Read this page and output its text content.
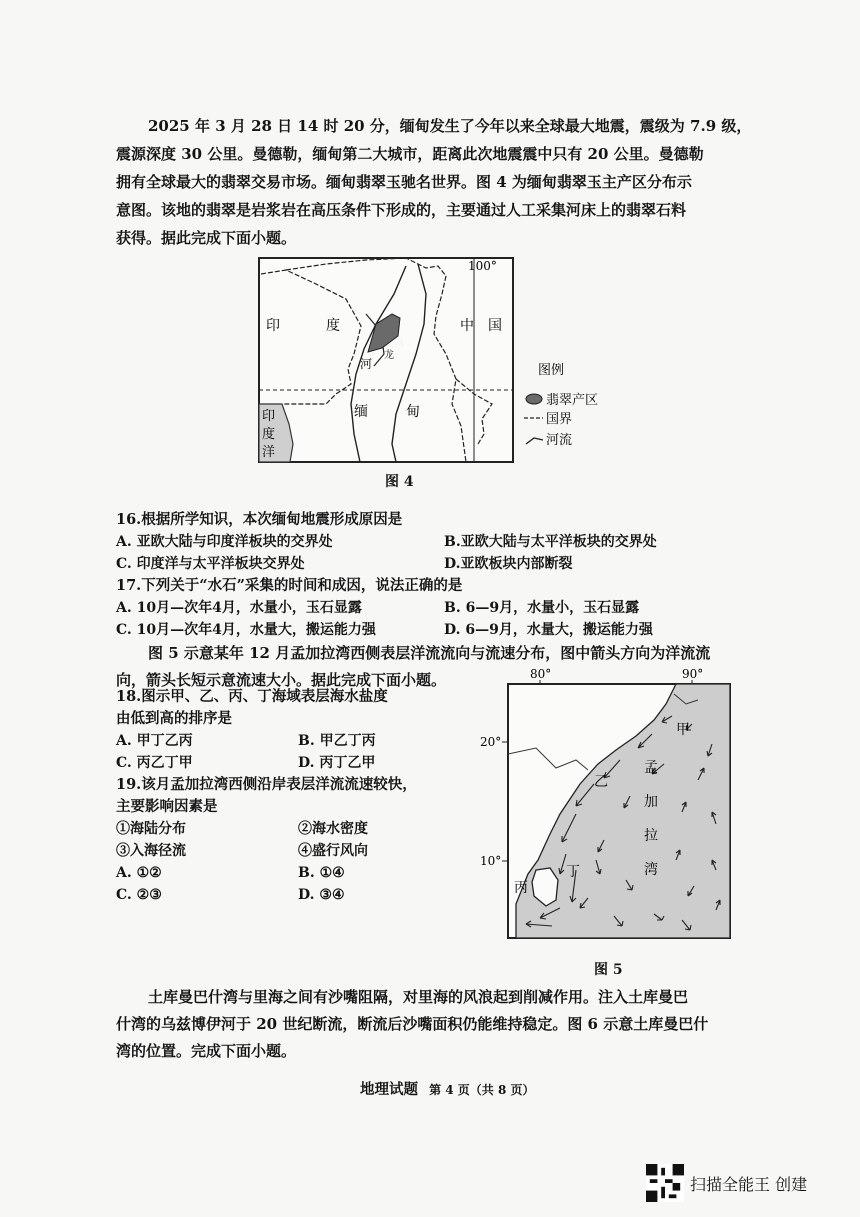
2025 年 3 月 28 日 14 时 20 分，缅甸发生了今年以来全球最大地震，震级为 7.9 级，

震源深度 30 公里。曼德勒，缅甸第二大城市，距离此次地震震中只有 20 公里。曼德勒

拥有全球最大的翡翠交易市场。缅甸翡翠玉驰名世界。图 4 为缅甸翡翠玉主产区分布示

意图。该地的翡翠是岩浆岩在高压条件下形成的，主要通过人工采集河床上的翡翠石料

获得。据此完成下面小题。

100°
印	度	中 国
缅	甸
印
度
洋
河
乌
龙
图例
翡翠产区
国界
河流
图 4
16.根据所学知识，本次缅甸地震形成原因是
A. 亚欧大陆与印度洋板块的交界处	B.亚欧大陆与太平洋板块的交界处
C. 印度洋与太平洋板块交界处	D.亚欧板块内部断裂
17.下列关于“水石”采集的时间和成因，说法正确的是
A. 10月—次年4月，水量小，玉石显露	B. 6—9月，水量小，玉石显露
C. 10月—次年4月，水量大，搬运能力强	D. 6—9月，水量大，搬运能力强

图 5 示意某年 12 月孟加拉湾西侧表层洋流流向与流速分布，图中箭头方向为洋流流

向，箭头长短示意流速大小。据此完成下面小题。

18.图示甲、乙、丙、丁海域表层海水盐度
由低到高的排序是
A. 甲丁乙丙	B. 甲乙丁丙
C. 丙乙丁甲	D. 丙丁乙甲
19.该月孟加拉湾西侧沿岸表层洋流流速较快，
主要影响因素是
①海陆分布	②海水密度
③入海径流	④盛行风向
A. ①②	B. ①④
C. ②③	D. ③④
80°	90°
20°
10°
甲
乙
丙
丁
孟
加
拉
湾
图 5

土库曼巴什湾与里海之间有沙嘴阻隔，对里海的风浪起到削减作用。注入土库曼巴

什湾的乌兹博伊河于 20 世纪断流，断流后沙嘴面积仍能维持稳定。图 6 示意土库曼巴什

湾的位置。完成下面小题。

地理试题 第 4 页（共 8 页）
扫描全能王 创建
